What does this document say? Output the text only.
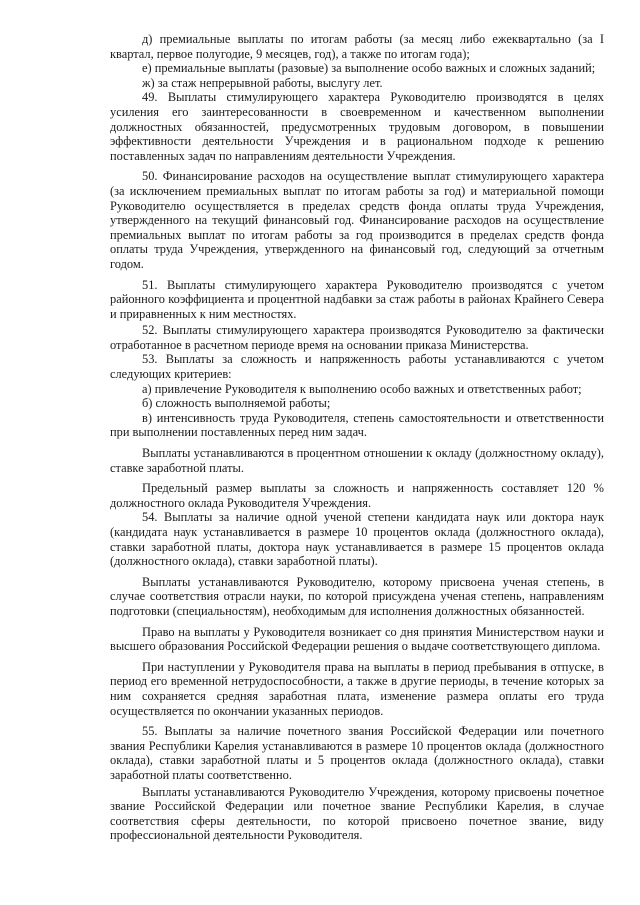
д) премиальные выплаты по итогам работы (за месяц либо ежеквартально (за I квартал, первое полугодие, 9 месяцев, год), а также по итогам года);

е) премиальные выплаты (разовые) за выполнение особо важных и сложных заданий;

ж) за стаж непрерывной работы, выслугу лет.

49. Выплаты стимулирующего характера Руководителю производятся в целях усиления его заинтересованности в своевременном и качественном выполнении должностных обязанностей, предусмотренных трудовым договором, в повышении эффективности деятельности Учреждения и в рациональном подходе к решению поставленных задач по направлениям деятельности Учреждения.

50. Финансирование расходов на осуществление выплат стимулирующего характера (за исключением премиальных выплат по итогам работы за год) и материальной помощи Руководителю осуществляется в пределах средств фонда оплаты труда Учреждения, утвержденного на текущий финансовый год. Финансирование расходов на осуществление премиальных выплат по итогам работы за год производится в пределах средств фонда оплаты труда Учреждения, утвержденного на финансовый год, следующий за отчетным годом.

51. Выплаты стимулирующего характера Руководителю производятся с учетом районного коэффициента и процентной надбавки за стаж работы в районах Крайнего Севера и приравненных к ним местностях.

52. Выплаты стимулирующего характера производятся Руководителю за фактически отработанное в расчетном периоде время на основании приказа Министерства.

53. Выплаты за сложность и напряженность работы устанавливаются с учетом следующих критериев:

а) привлечение Руководителя к выполнению особо важных и ответственных работ;

б) сложность выполняемой работы;

в) интенсивность труда Руководителя, степень самостоятельности и ответственности при выполнении поставленных перед ним задач.

Выплаты устанавливаются в процентном отношении к окладу (должностному окладу), ставке заработной платы.

Предельный размер выплаты за сложность и напряженность составляет 120 % должностного оклада Руководителя Учреждения.

54. Выплаты за наличие одной ученой степени кандидата наук или доктора наук (кандидата наук устанавливается в размере 10 процентов оклада (должностного оклада), ставки заработной платы, доктора наук устанавливается в размере 15 процентов оклада (должностного оклада), ставки заработной платы).

Выплаты устанавливаются Руководителю, которому присвоена ученая степень, в случае соответствия отрасли науки, по которой присуждена ученая степень, направлениям подготовки (специальностям), необходимым для исполнения должностных обязанностей.

Право на выплаты у Руководителя возникает со дня принятия Министерством науки и высшего образования Российской Федерации решения о выдаче соответствующего диплома.

При наступлении у Руководителя права на выплаты в период пребывания в отпуске, в период его временной нетрудоспособности, а также в другие периоды, в течение которых за ним сохраняется средняя заработная плата, изменение размера оплаты его труда осуществляется по окончании указанных периодов.

55. Выплаты за наличие почетного звания Российской Федерации или почетного звания Республики Карелия устанавливаются в размере 10 процентов оклада (должностного оклада), ставки заработной платы и 5 процентов оклада (должностного оклада), ставки заработной платы соответственно.

Выплаты устанавливаются Руководителю Учреждения, которому присвоены почетное звание Российской Федерации или почетное звание Республики Карелия, в случае соответствия сферы деятельности, по которой присвоено почетное звание, виду профессиональной деятельности Руководителя.
